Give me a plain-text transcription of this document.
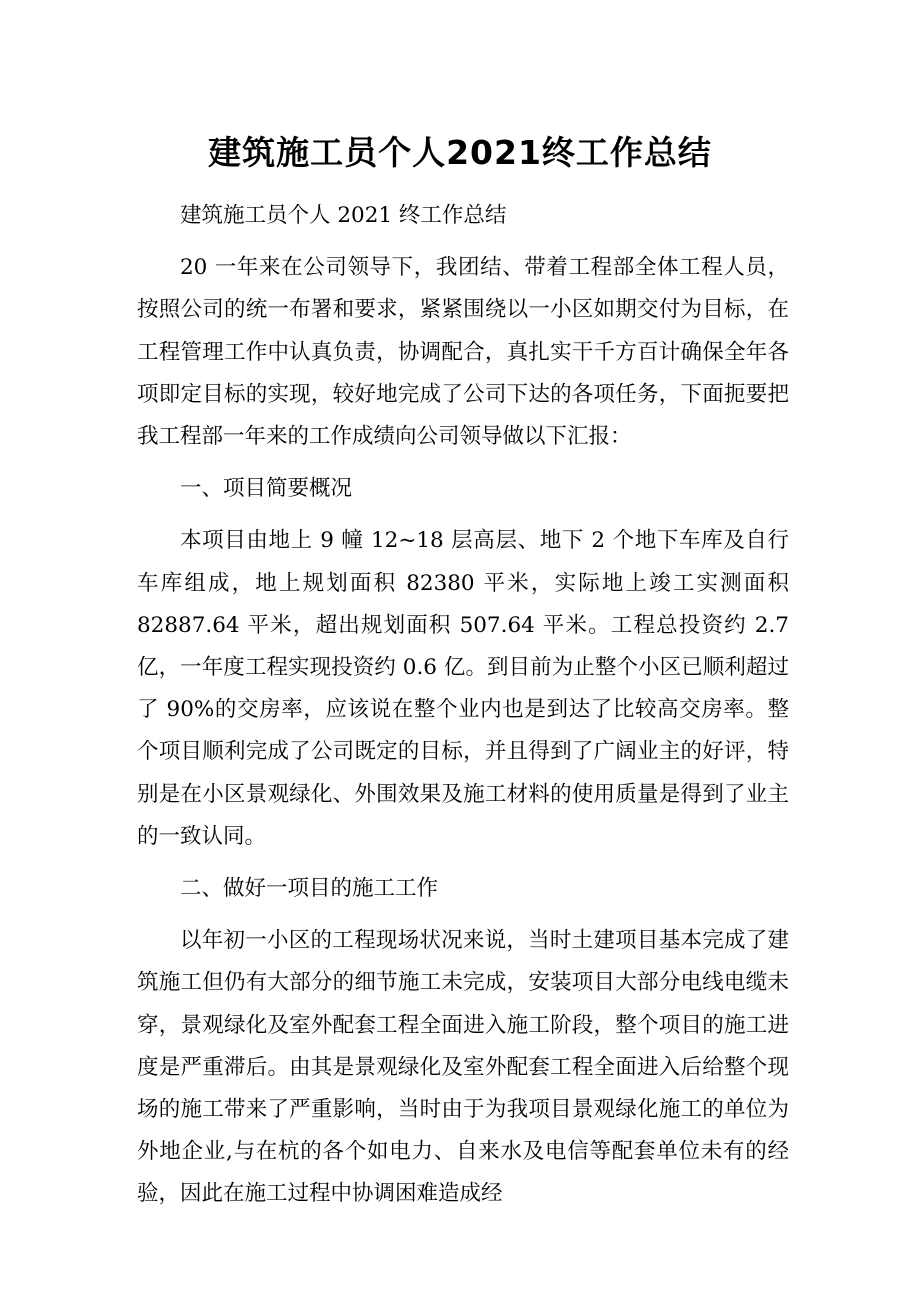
建筑施工员个人2021终工作总结

建筑施工员个人 2021 终工作总结

20 一年来在公司领导下，我团结、带着工程部全体工程人员，按照公司的统一布署和要求，紧紧围绕以一小区如期交付为目标，在工程管理工作中认真负责，协调配合，真扎实干千方百计确保全年各项即定目标的实现，较好地完成了公司下达的各项任务，下面扼要把我工程部一年来的工作成绩向公司领导做以下汇报：

一、项目简要概况

本项目由地上 9 幢 12~18 层高层、地下 2 个地下车库及自行车库组成，地上规划面积 82380 平米，实际地上竣工实测面积 82887.64 平米，超出规划面积 507.64 平米。工程总投资约 2.7 亿，一年度工程实现投资约 0.6 亿。到目前为止整个小区已顺利超过了 90%的交房率，应该说在整个业内也是到达了比较高交房率。整个项目顺利完成了公司既定的目标，并且得到了广阔业主的好评，特别是在小区景观绿化、外围效果及施工材料的使用质量是得到了业主的一致认同。

二、做好一项目的施工工作

以年初一小区的工程现场状况来说，当时土建项目基本完成了建筑施工但仍有大部分的细节施工未完成，安装项目大部分电线电缆未穿，景观绿化及室外配套工程全面进入施工阶段，整个项目的施工进度是严重滞后。由其是景观绿化及室外配套工程全面进入后给整个现场的施工带来了严重影响，当时由于为我项目景观绿化施工的单位为外地企业,与在杭的各个如电力、自来水及电信等配套单位未有的经验，因此在施工过程中协调困难造成经
